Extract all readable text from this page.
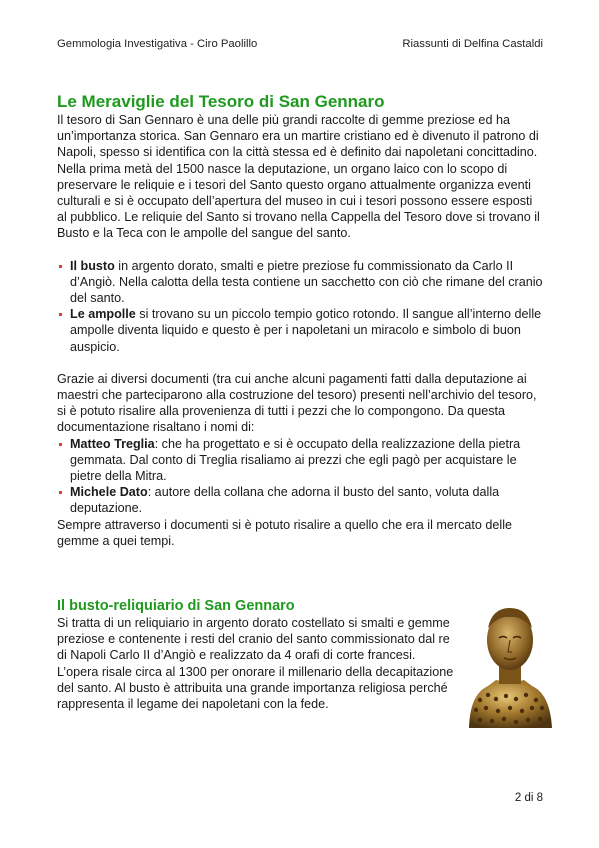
Gemmologia Investigativa - Ciro Paolillo	Riassunti di Delfina Castaldi
Le Meraviglie del Tesoro di San Gennaro

Il tesoro di San Gennaro è una delle più grandi raccolte di gemme preziose ed ha un’importanza storica. San Gennaro era un martire cristiano ed è divenuto il patrono di Napoli, spesso si identifica con la città stessa ed è definito dai napoletani concittadino. Nella prima metà del 1500 nasce la deputazione, un organo laico con lo scopo di preservare le reliquie e i tesori del Santo questo organo attualmente organizza eventi culturali e si è occupato dell’apertura del museo in cui i tesori possono essere esposti al pubblico. Le reliquie del Santo si trovano nella Cappella del Tesoro dove si trovano il Busto e la Teca con le ampolle del sangue del santo.

Il busto in argento dorato, smalti e pietre preziose fu commissionato da Carlo II d’Angiò. Nella calotta della testa contiene un sacchetto con ciò che rimane del cranio del santo.
Le ampolle si trovano su un piccolo tempio gotico rotondo. Il sangue all’interno delle ampolle diventa liquido e questo è per i napoletani un miracolo e simbolo di buon auspicio.

Grazie ai diversi documenti (tra cui anche alcuni pagamenti fatti dalla deputazione ai maestri che parteciparono alla costruzione del tesoro) presenti nell’archivio del tesoro, si è potuto risalire alla provenienza di tutti i pezzi che lo compongono. Da questa documentazione risaltano i nomi di:

Matteo Treglia: che ha progettato e si è occupato della realizzazione della pietra gemmata. Dal conto di Treglia risaliamo ai prezzi che egli pagò per acquistare le pietre della Mitra.
Michele Dato: autore della collana che adorna il busto del santo, voluta dalla deputazione.

Sempre attraverso i documenti si è potuto risalire a quello che era il mercato delle gemme a quei tempi.

Il busto-reliquiario di San Gennaro

Si tratta di un reliquiario in argento dorato costellato si smalti e gemme preziose e contenente i resti del cranio del santo commissionato dal re di Napoli Carlo II d’Angiò e realizzato da 4 orafi di corte francesi. L’opera risale circa al 1300 per onorare il millenario della decapitazione del santo. Al busto è attribuita una grande importanza religiosa perché rappresenta il legame dei napoletani con la fede.

2 di 8
